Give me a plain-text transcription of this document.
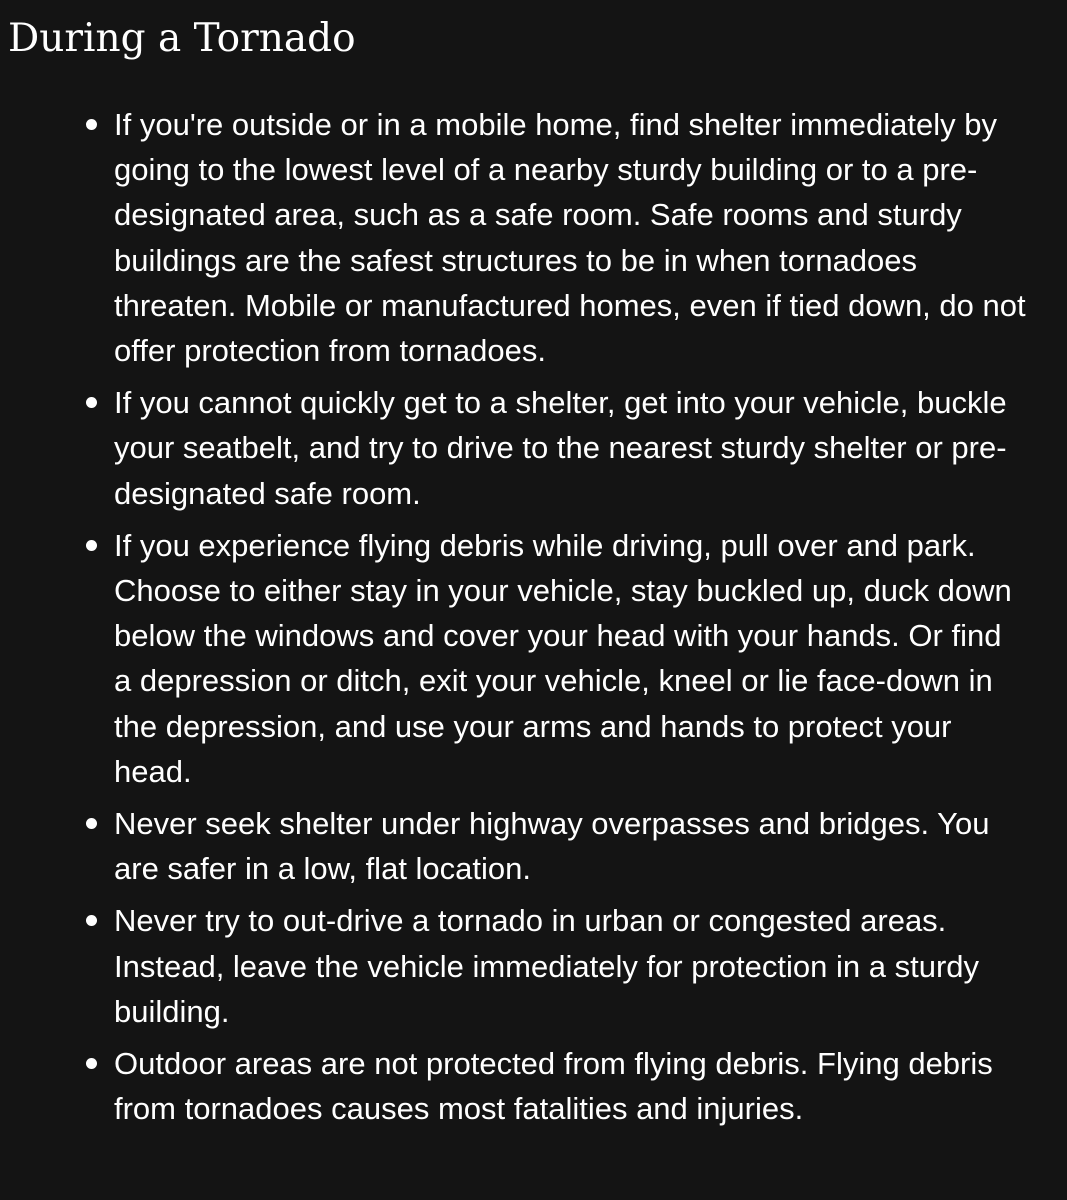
During a Tornado
If you're outside or in a mobile home, find shelter immediately by going to the lowest level of a nearby sturdy building or to a pre-designated area, such as a safe room. Safe rooms and sturdy buildings are the safest structures to be in when tornadoes threaten. Mobile or manufactured homes, even if tied down, do not offer protection from tornadoes.
If you cannot quickly get to a shelter, get into your vehicle, buckle your seatbelt, and try to drive to the nearest sturdy shelter or pre-designated safe room.
If you experience flying debris while driving, pull over and park. Choose to either stay in your vehicle, stay buckled up, duck down below the windows and cover your head with your hands. Or find a depression or ditch, exit your vehicle, kneel or lie face-down in the depression, and use your arms and hands to protect your head.
Never seek shelter under highway overpasses and bridges. You are safer in a low, flat location.
Never try to out-drive a tornado in urban or congested areas. Instead, leave the vehicle immediately for protection in a sturdy building.
Outdoor areas are not protected from flying debris. Flying debris from tornadoes causes most fatalities and injuries.
